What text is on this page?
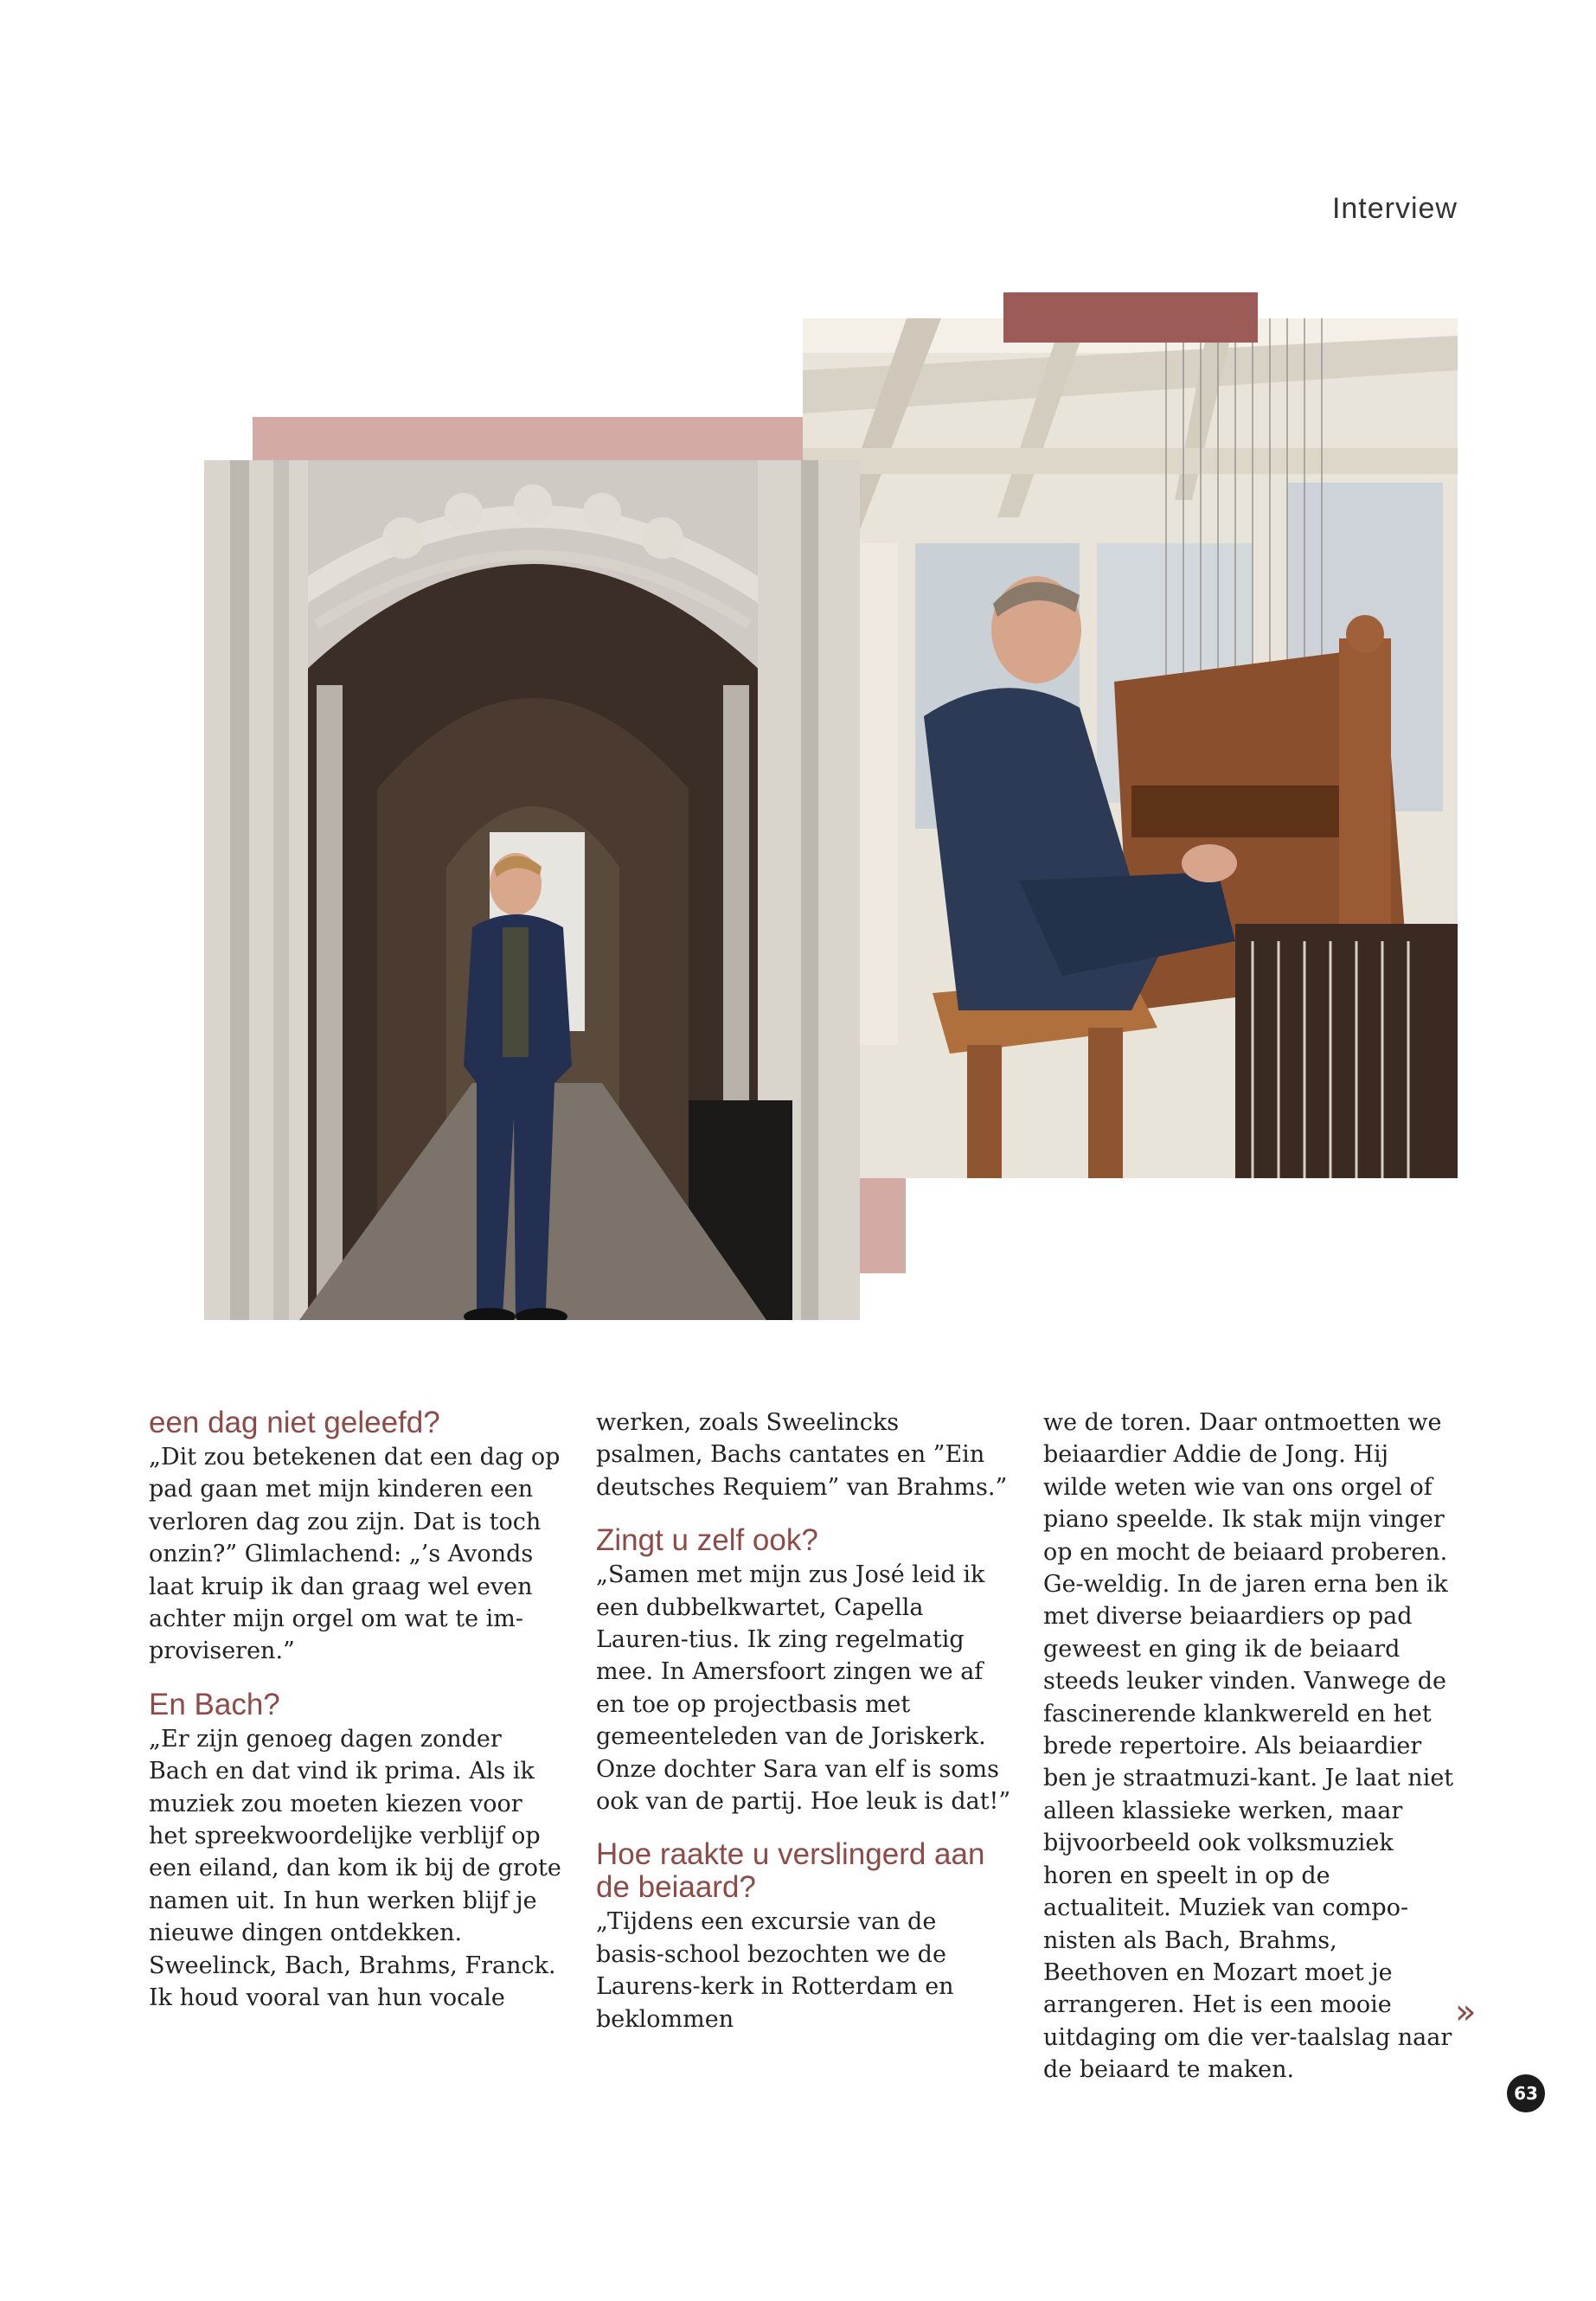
Interview
een dag niet geleefd?

„Dit zou betekenen dat een dag op pad gaan met mijn kinderen een verloren dag zou zijn. Dat is toch onzin?” Glimlachend: „’s Avonds laat kruip ik dan graag wel even achter mijn orgel om wat te im-proviseren.”

En Bach?

„Er zijn genoeg dagen zonder Bach en dat vind ik prima. Als ik muziek zou moeten kiezen voor het spreekwoordelijke verblijf op een eiland, dan kom ik bij de grote namen uit. In hun werken blijf je nieuwe dingen ontdekken. Sweelinck, Bach, Brahms, Franck. Ik houd vooral van hun vocale

werken, zoals Sweelincks psalmen, Bachs cantates en ”Ein deutsches Requiem” van Brahms.”

Zingt u zelf ook?

„Samen met mijn zus José leid ik een dubbelkwartet, Capella Lauren-tius. Ik zing regelmatig mee. In Amersfoort zingen we af en toe op projectbasis met gemeenteleden van de Joriskerk. Onze dochter Sara van elf is soms ook van de partij. Hoe leuk is dat!”

Hoe raakte u verslingerd aan de beiaard?

„Tijdens een excursie van de basis-school bezochten we de Laurens-kerk in Rotterdam en beklommen

we de toren. Daar ontmoetten we beiaardier Addie de Jong. Hij wilde weten wie van ons orgel of piano speelde. Ik stak mijn vinger op en mocht de beiaard proberen. Ge-weldig. In de jaren erna ben ik met diverse beiaardiers op pad geweest en ging ik de beiaard steeds leuker vinden. Vanwege de fascinerende klankwereld en het brede repertoire. Als beiaardier ben je straatmuzi-kant. Je laat niet alleen klassieke werken, maar bijvoorbeeld ook volksmuziek horen en speelt in op de actualiteit. Muziek van compo-nisten als Bach, Brahms, Beethoven en Mozart moet je arrangeren. Het is een mooie uitdaging om die ver-taalslag naar de beiaard te maken.

»
63
